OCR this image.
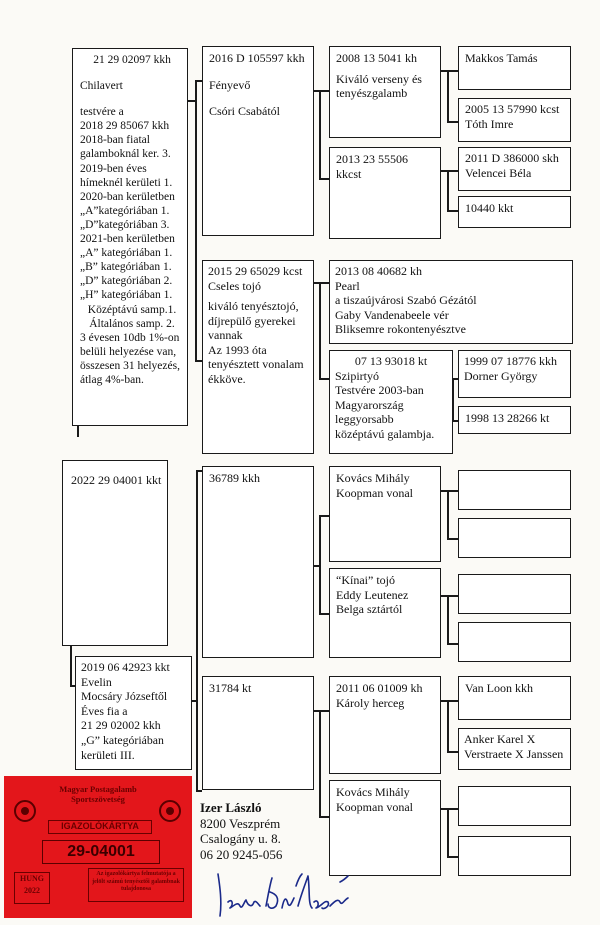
2022 29 04001 kkt
21 29 02097 kkh
Chilavert
testvére a
2018 29 85067 kkh
2018-ban fiatal
galamboknál ker. 3.
2019-ben éves
hímeknél kerületi 1.
2020-ban kerületben
„A”kategóriában 1.
„D”kategóriában 3.
2021-ben kerületben
„A” kategóriában 1.
„B” kategóriában 1.
„D” kategóriában 2.
„H” kategóriában 1.
Középtávú samp.1.
Általános samp. 2.
3 évesen 10db 1%-on
belüli helyezése van,
összesen 31 helyezés,
átlag 4%-ban.
2019 06 42923 kkt
Evelin
Mocsáry Józseftől
Éves fia a
21 29 02002 kkh
„G” kategóriában
kerületi III.
2016 D 105597 kkh
Fényevő
Csóri Csabától
2015 29 65029 kcst
Cseles tojó
kiváló tenyésztojó,
díjrepülő gyerekei
vannak
Az 1993 óta
tenyésztett vonalam
ékköve.
36789 kkh
31784 kt
2008 13 5041 kh
Kiváló verseny és
tenyészgalamb
2013 23 55506
kkcst
2013 08 40682 kh
Pearl
a tiszaújvárosi Szabó Gézától
Gaby Vandenabeele vér
Bliksemre rokontenyésztve
07 13 93018 kt
Szipirtyó
Testvére 2003-ban
Magyarország
leggyorsabb
középtávú galambja.
Kovács Mihály
Koopman vonal
“Kínai” tojó
Eddy Leutenez
Belga sztártól
2011 06 01009 kh
Károly herceg
Kovács Mihály
Koopman vonal
Makkos Tamás
2005 13 57990 kcst
Tóth Imre
2011 D 386000 skh
Velencei Béla
10440 kkt
1999 07 18776 kkh
Dorner György
1998 13 28266 kt
Van Loon kkh
Anker Karel X
Verstraete X Janssen
Izer László
8200 Veszprém
Csalogány u. 8.
06 20 9245-056
Magyar Postagalamb
Sportszövetség
IGAZOLÓKÁRTYA
29-04001
HUNG
2022
Az igazolókártya felmutatója a jelölt számú tenyésztői galambnak tulajdonosa
